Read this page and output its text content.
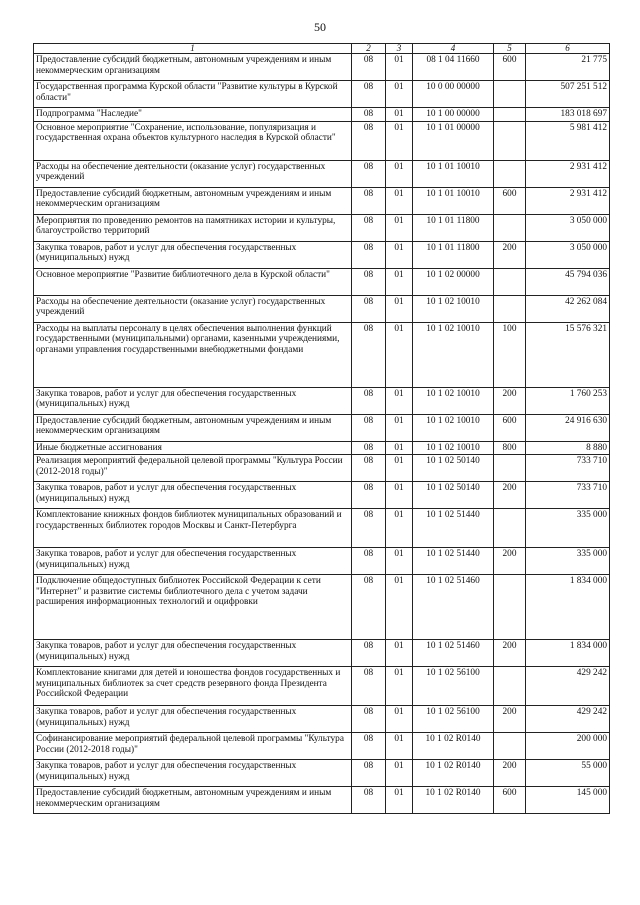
50
1	2	3	4	5	6
Предоставление субсидий бюджетным, автономным учреждениям и иным некоммерческим организациям	08	01	08 1 04 11660	600	21 775
Государственная программа Курской области "Развитие культуры в Курской области"	08	01	10 0 00 00000		507 251 512
Подпрограмма "Наследие"	08	01	10 1 00 00000		183 018 697
Основное мероприятие "Сохранение, использование, популяризация и государственная охрана объектов культурного наследия в Курской области"	08	01	10 1 01 00000		5 981 412
Расходы на обеспечение деятельности (оказание услуг) государственных учреждений	08	01	10 1 01 10010		2 931 412
Предоставление субсидий бюджетным, автономным учреждениям и иным некоммерческим организациям	08	01	10 1 01 10010	600	2 931 412
Мероприятия по проведению ремонтов на памятниках истории и культуры, благоустройство территорий	08	01	10 1 01 11800		3 050 000
Закупка товаров, работ и услуг для обеспечения государственных (муниципальных) нужд	08	01	10 1 01 11800	200	3 050 000
Основное мероприятие "Развитие библиотечного дела в Курской области"	08	01	10 1 02 00000		45 794 036
Расходы на обеспечение деятельности (оказание услуг) государственных учреждений	08	01	10 1 02 10010		42 262 084
Расходы на выплаты персоналу в целях обеспечения выполнения функций государственными (муниципальными) органами, казенными учреждениями, органами управления государственными внебюджетными фондами	08	01	10 1 02 10010	100	15 576 321
Закупка товаров, работ и услуг для обеспечения государственных (муниципальных) нужд	08	01	10 1 02 10010	200	1 760 253
Предоставление субсидий бюджетным, автономным учреждениям и иным некоммерческим организациям	08	01	10 1 02 10010	600	24 916 630
Иные бюджетные ассигнования	08	01	10 1 02 10010	800	8 880
Реализация мероприятий федеральной целевой программы "Культура России (2012-2018 годы)"	08	01	10 1 02 50140		733 710
Закупка товаров, работ и услуг для обеспечения государственных (муниципальных) нужд	08	01	10 1 02 50140	200	733 710
Комплектование книжных фондов библиотек муниципальных образований и государственных библиотек городов Москвы и Санкт-Петербурга	08	01	10 1 02 51440		335 000
Закупка товаров, работ и услуг для обеспечения государственных (муниципальных) нужд	08	01	10 1 02 51440	200	335 000
Подключение общедоступных библиотек Российской Федерации к сети "Интернет" и развитие системы библиотечного дела с учетом задачи расширения информационных технологий и оцифровки	08	01	10 1 02 51460		1 834 000
Закупка товаров, работ и услуг для обеспечения государственных (муниципальных) нужд	08	01	10 1 02 51460	200	1 834 000
Комплектование книгами для детей и юношества фондов государственных и муниципальных библиотек за счет средств резервного фонда Президента Российской Федерации	08	01	10 1 02 56100		429 242
Закупка товаров, работ и услуг для обеспечения государственных (муниципальных) нужд	08	01	10 1 02 56100	200	429 242
Софинансирование мероприятий федеральной целевой программы "Культура России (2012-2018 годы)"	08	01	10 1 02 R0140		200 000
Закупка товаров, работ и услуг для обеспечения государственных (муниципальных) нужд	08	01	10 1 02 R0140	200	55 000
Предоставление субсидий бюджетным, автономным учреждениям и иным некоммерческим организациям	08	01	10 1 02 R0140	600	145 000
